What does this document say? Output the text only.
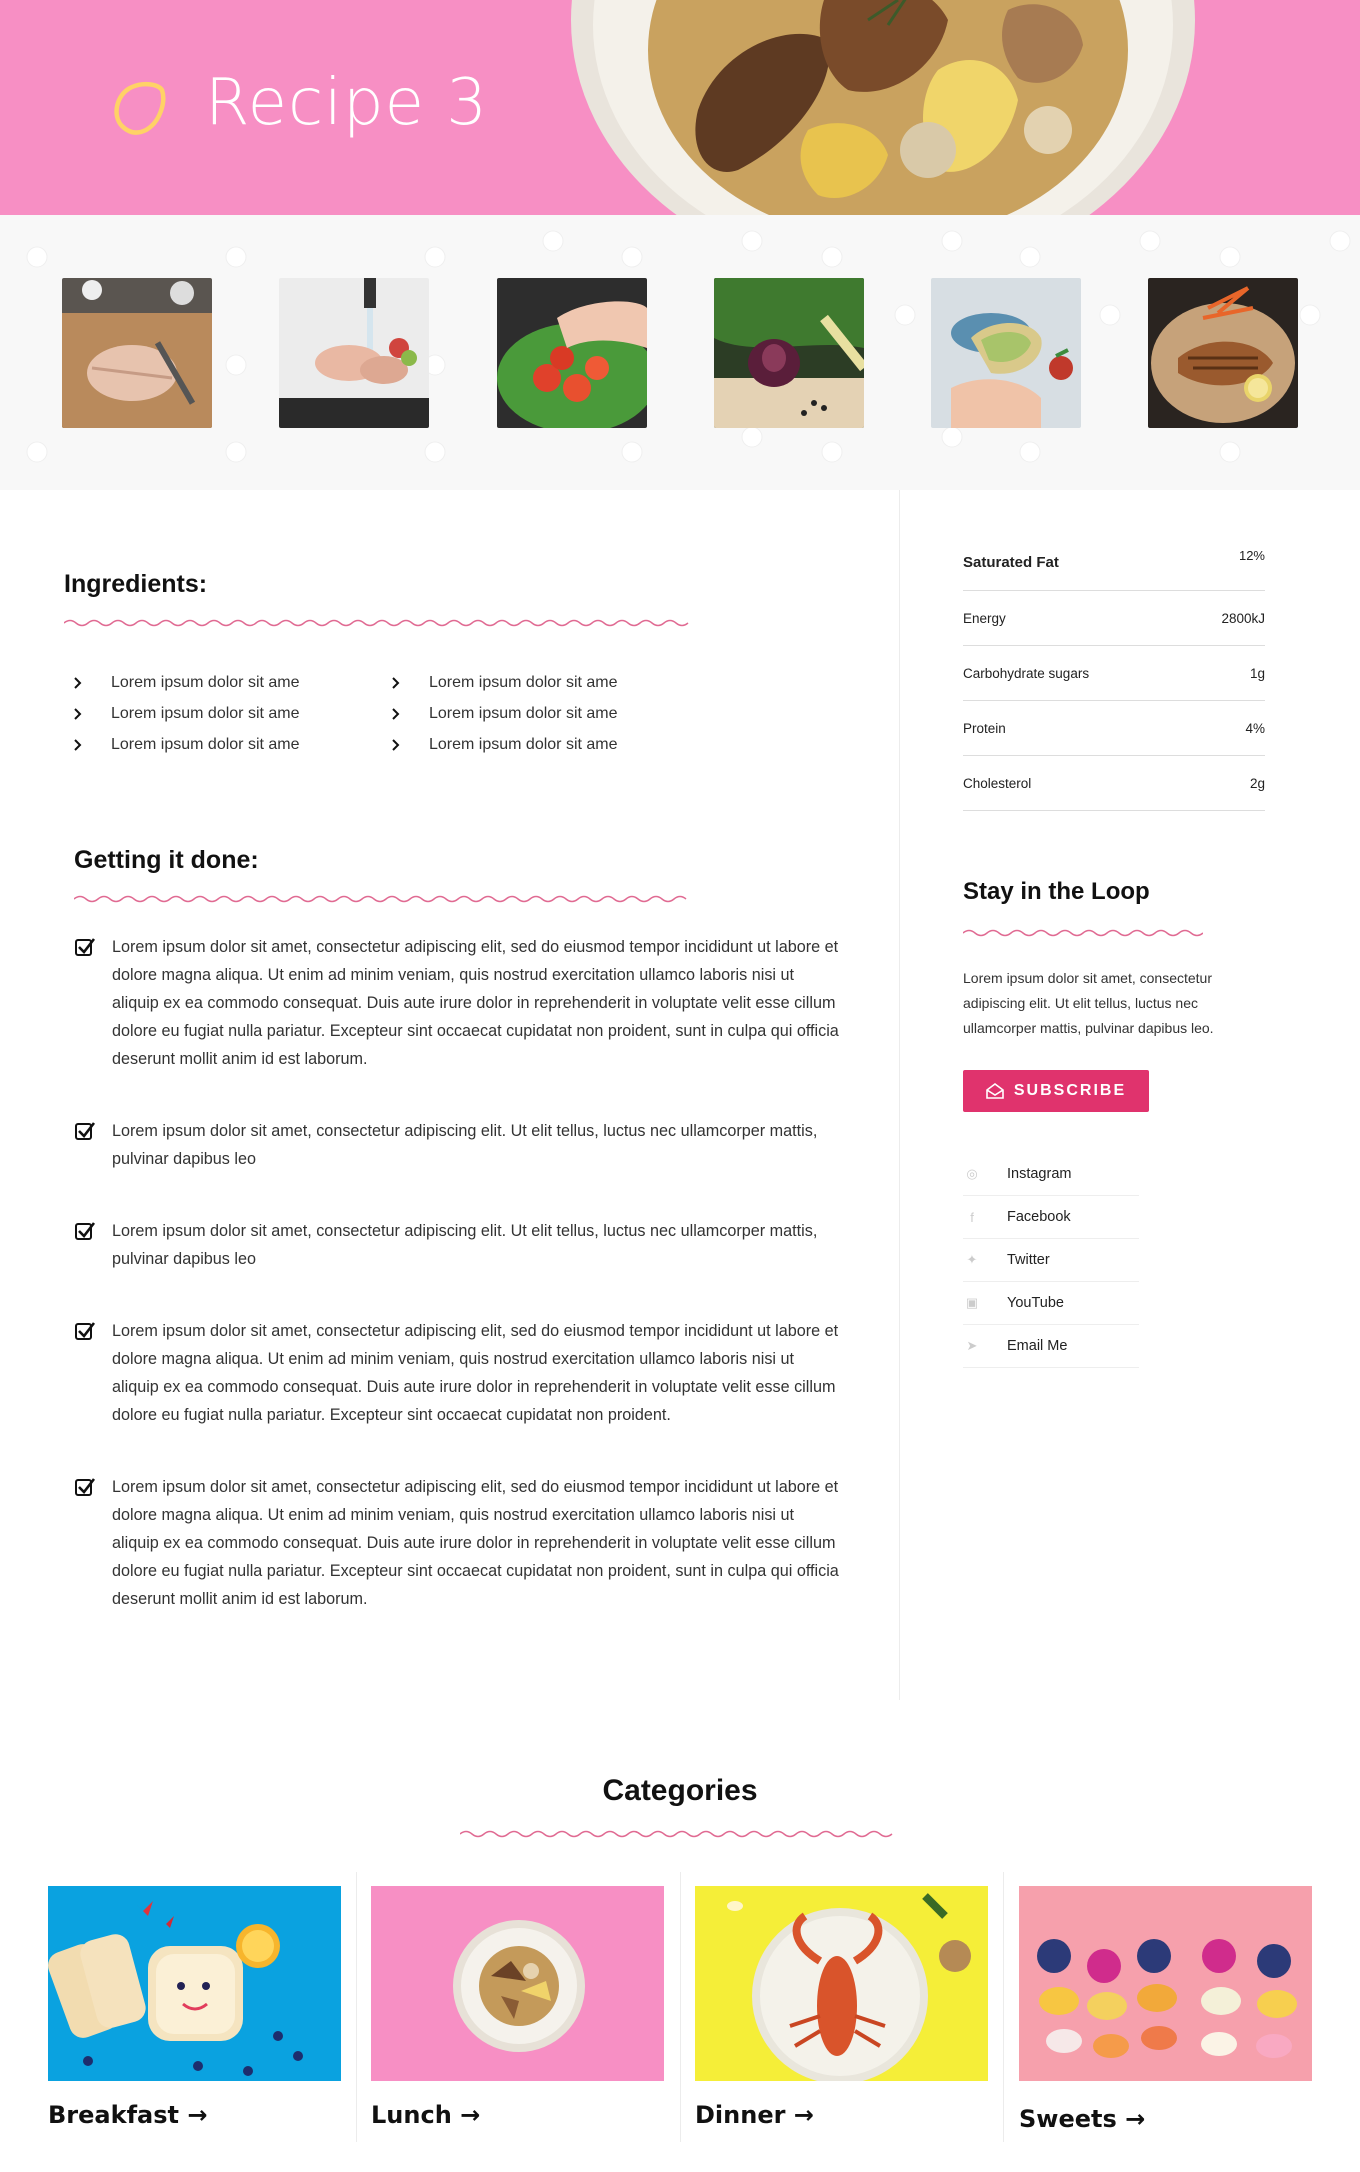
Recipe 3
Ingredients:
Lorem ipsum dolor sit ame
Lorem ipsum dolor sit ame
Lorem ipsum dolor sit ame
Lorem ipsum dolor sit ame
Lorem ipsum dolor sit ame
Lorem ipsum dolor sit ame
Getting it done:
Lorem ipsum dolor sit amet, consectetur adipiscing elit, sed do eiusmod tempor incididunt ut labore et dolore magna aliqua. Ut enim ad minim veniam, quis nostrud exercitation ullamco laboris nisi ut aliquip ex ea commodo consequat. Duis aute irure dolor in reprehenderit in voluptate velit esse cillum dolore eu fugiat nulla pariatur. Excepteur sint occaecat cupidatat non proident, sunt in culpa qui officia deserunt mollit anim id est laborum.
Lorem ipsum dolor sit amet, consectetur adipiscing elit. Ut elit tellus, luctus nec ullamcorper mattis, pulvinar dapibus leo
Lorem ipsum dolor sit amet, consectetur adipiscing elit. Ut elit tellus, luctus nec ullamcorper mattis, pulvinar dapibus leo
Lorem ipsum dolor sit amet, consectetur adipiscing elit, sed do eiusmod tempor incididunt ut labore et dolore magna aliqua. Ut enim ad minim veniam, quis nostrud exercitation ullamco laboris nisi ut aliquip ex ea commodo consequat. Duis aute irure dolor in reprehenderit in voluptate velit esse cillum dolore eu fugiat nulla pariatur. Excepteur sint occaecat cupidatat non proident.
Lorem ipsum dolor sit amet, consectetur adipiscing elit, sed do eiusmod tempor incididunt ut labore et dolore magna aliqua. Ut enim ad minim veniam, quis nostrud exercitation ullamco laboris nisi ut aliquip ex ea commodo consequat. Duis aute irure dolor in reprehenderit in voluptate velit esse cillum dolore eu fugiat nulla pariatur. Excepteur sint occaecat cupidatat non proident, sunt in culpa qui officia deserunt mollit anim id est laborum.
Saturated Fat	12%
Energy	2800kJ
Carbohydrate sugars	1g
Protein	4%
Cholesterol	2g
Stay in the Loop
Lorem ipsum dolor sit amet, consectetur adipiscing elit. Ut elit tellus, luctus nec ullamcorper mattis, pulvinar dapibus leo.
SUBSCRIBE
◎ Instagram
f	Facebook
✦ Twitter
▣ YouTube
➤ Email Me
Categories
Breakfast →	Lunch →	Dinner →	Sweets →
